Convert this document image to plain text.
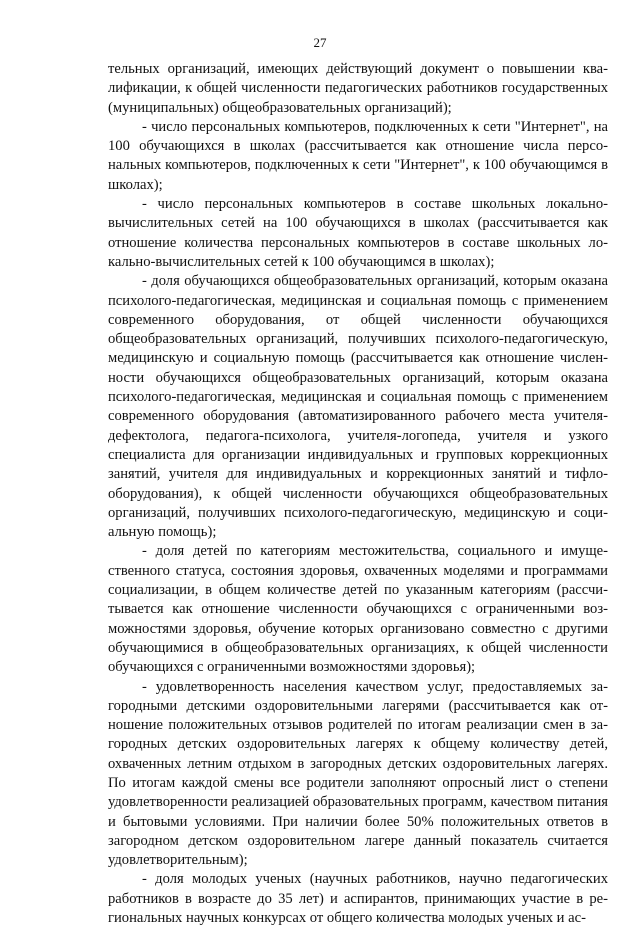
27

тельных организаций, имеющих действующий документ о повышении квалификации, к общей численности педагогических работников государственных (муниципальных) общеобразовательных организаций);

- число персональных компьютеров, подключенных к сети "Интернет", на 100 обучающихся в школах (рассчитывается как отношение числа персональных компьютеров, подключенных к сети "Интернет", к 100 обучающимся в школах);

- число персональных компьютеров в составе школьных локально-вычислительных сетей на 100 обучающихся в школах (рассчитывается как отношение количества персональных компьютеров в составе школьных локально-вычислительных сетей к 100 обучающимся в школах);

- доля обучающихся общеобразовательных организаций, которым оказана психолого-педагогическая, медицинская и социальная помощь с применением современного оборудования, от общей численности обучающихся общеобразовательных организаций, получивших психолого-педагогическую, медицинскую и социальную помощь (рассчитывается как отношение численности обучающихся общеобразовательных организаций, которым оказана психолого-педагогическая, медицинская и социальная помощь с применением современного оборудования (автоматизированного рабочего места учителя-дефектолога, педагога-психолога, учителя-логопеда, учителя и узкого специалиста для организации индивидуальных и групповых коррекционных занятий, учителя для индивидуальных и коррекционных занятий и тифлооборудования), к общей численности обучающихся общеобразовательных организаций, получивших психолого-педагогическую, медицинскую и социальную помощь);

- доля детей по категориям местожительства, социального и имущественного статуса, состояния здоровья, охваченных моделями и программами социализации, в общем количестве детей по указанным категориям (рассчитывается как отношение численности обучающихся с ограниченными возможностями здоровья, обучение которых организовано совместно с другими обучающимися в общеобразовательных организациях, к общей численности обучающихся с ограниченными возможностями здоровья);

- удовлетворенность населения качеством услуг, предоставляемых загородными детскими оздоровительными лагерями (рассчитывается как отношение положительных отзывов родителей по итогам реализации смен в загородных детских оздоровительных лагерях к общему количеству детей, охваченных летним отдыхом в загородных детских оздоровительных лагерях. По итогам каждой смены все родители заполняют опросный лист о степени удовлетворенности реализацией образовательных программ, качеством питания и бытовыми условиями. При наличии более 50% положительных ответов в загородном детском оздоровительном лагере данный показатель считается удовлетворительным);

- доля молодых ученых (научных работников, научно педагогических работников в возрасте до 35 лет) и аспирантов, принимающих участие в региональных научных конкурсах от общего количества молодых ученых и ас-
